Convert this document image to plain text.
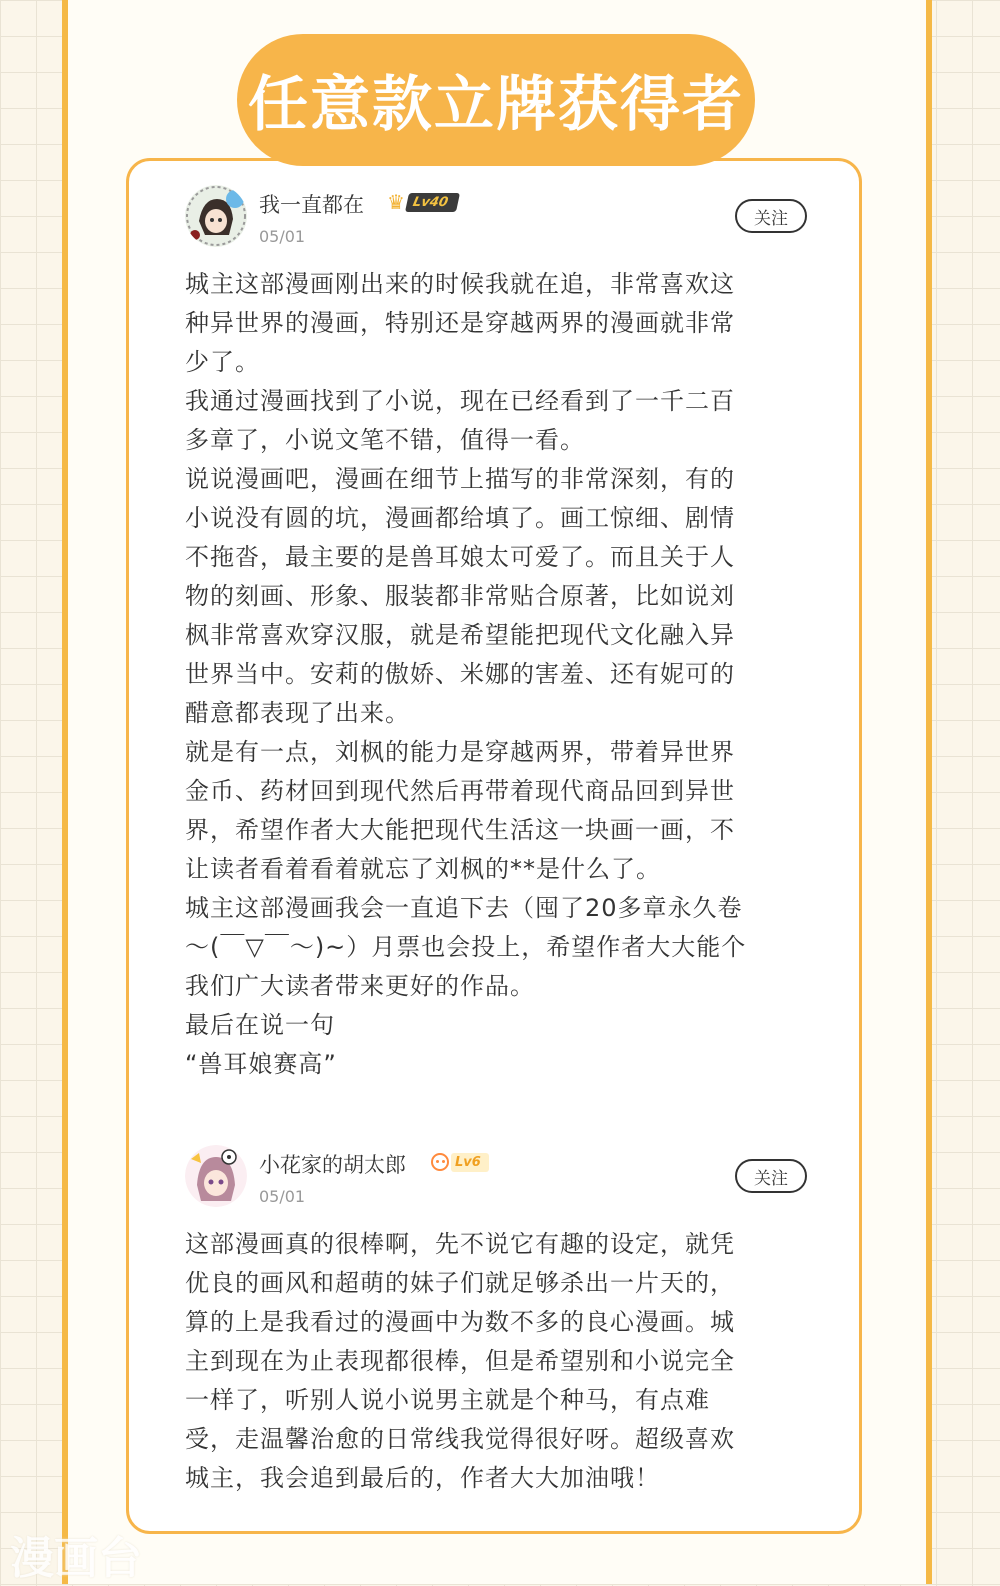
任意款立牌获得者
我一直都在 ♛ Lv40
05/01
关注
城主这部漫画刚出来的时候我就在追，非常喜欢这
种异世界的漫画，特别还是穿越两界的漫画就非常
少了。
我通过漫画找到了小说，现在已经看到了一千二百
多章了，小说文笔不错，值得一看。
说说漫画吧，漫画在细节上描写的非常深刻，有的
小说没有圆的坑，漫画都给填了。画工惊细、剧情
不拖沓，最主要的是兽耳娘太可爱了。而且关于人
物的刻画、形象、服装都非常贴合原著，比如说刘
枫非常喜欢穿汉服，就是希望能把现代文化融入异
世界当中。安莉的傲娇、米娜的害羞、还有妮可的
醋意都表现了出来。
就是有一点，刘枫的能力是穿越两界，带着异世界
金币、药材回到现代然后再带着现代商品回到异世
界，希望作者大大能把现代生活这一块画一画，不
让读者看着看着就忘了刘枫的**是什么了。
城主这部漫画我会一直追下去（囤了20多章永久卷
～(￣▽￣～)~）月票也会投上，希望作者大大能个
我们广大读者带来更好的作品。
最后在说一句
“兽耳娘赛高”
小花家的胡太郎	Lv6
05/01
关注
这部漫画真的很棒啊，先不说它有趣的设定，就凭
优良的画风和超萌的妹子们就足够杀出一片天的，
算的上是我看过的漫画中为数不多的良心漫画。城
主到现在为止表现都很棒，但是希望别和小说完全
一样了，听别人说小说男主就是个种马，有点难
受，走温馨治愈的日常线我觉得很好呀。超级喜欢
城主，我会追到最后的，作者大大加油哦！
漫画台
